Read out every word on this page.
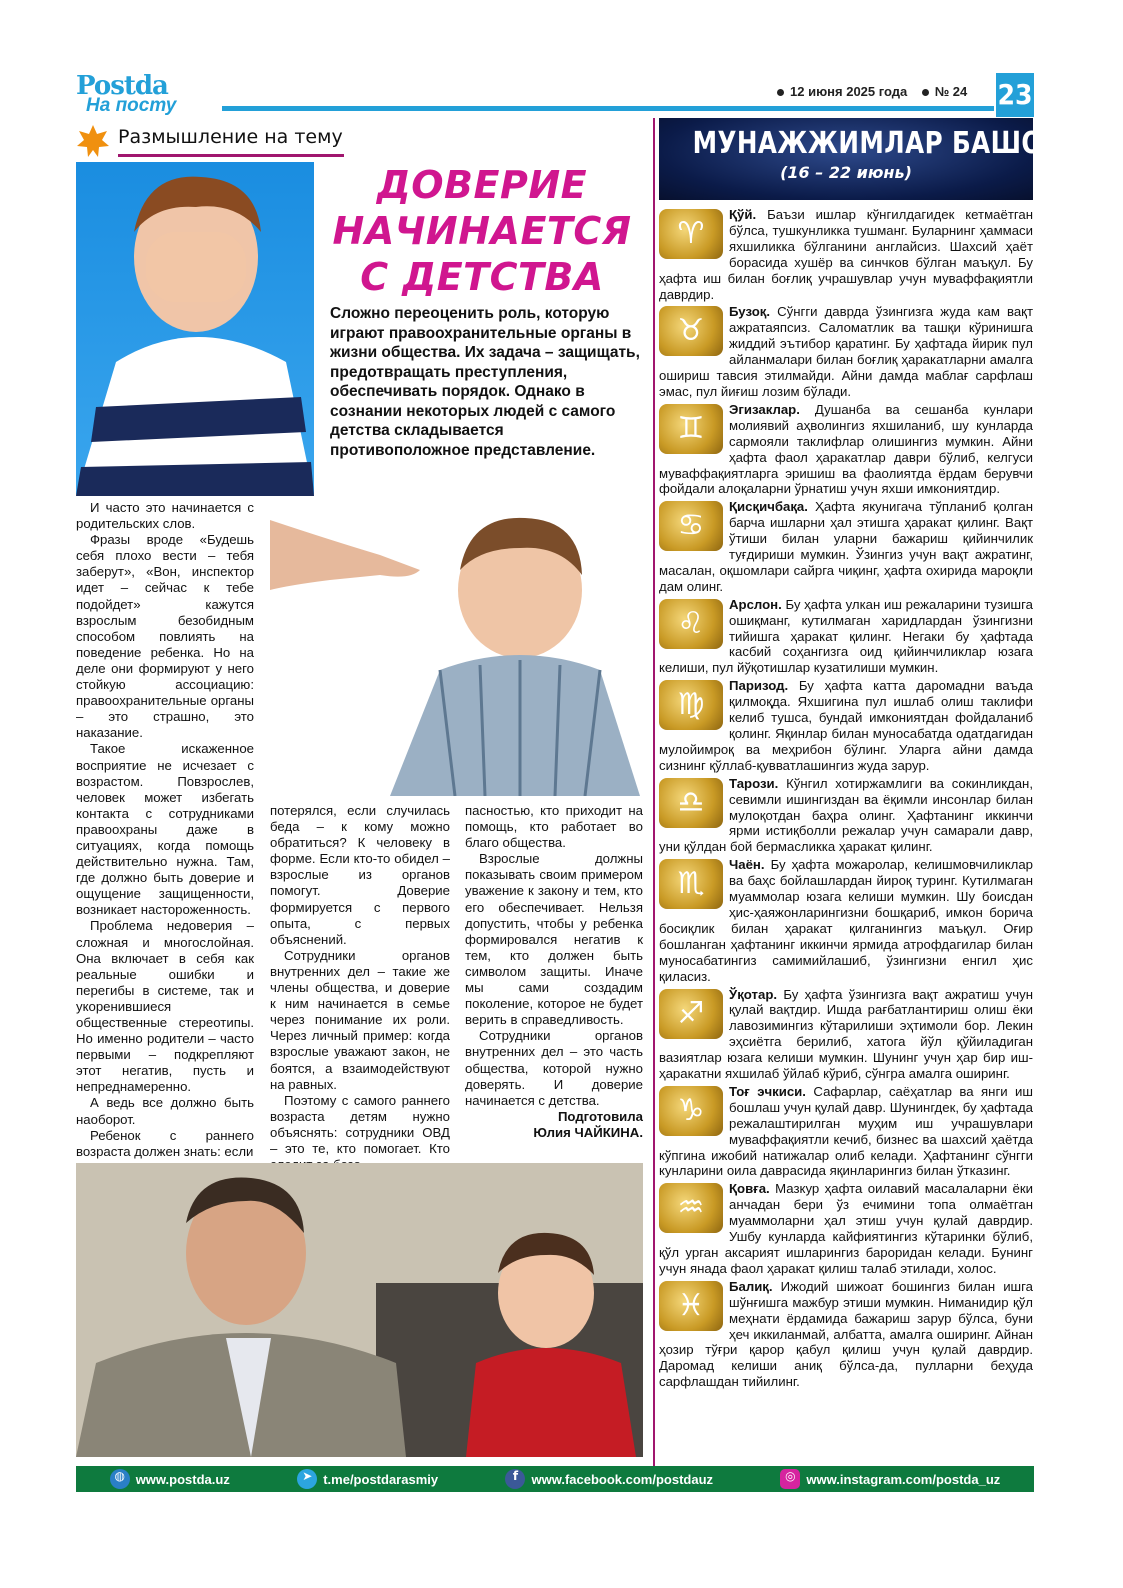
Postda
На посту
12 июня 2025 года № 24 23
Размышление на тему
ДОВЕРИЕ
НАЧИНАЕТСЯ
С ДЕТСТВА
Сложно переоценить роль, которую играют правоохранительные органы в жизни общества. Их задача – защищать, предотвращать преступления, обеспечивать порядок. Однако в сознании некоторых людей с самого детства складывается противоположное представление.

И часто это начинается с родительских слов.

Фразы вроде «Будешь себя плохо вести – тебя заберут», «Вон, инспектор идет – сейчас к тебе подойдет» кажутся взрослым безобидным способом повлиять на поведение ребенка. Но на деле они формируют у него стойкую ассоциацию: правоохранительные органы – это страшно, это наказание.

Такое искаженное восприятие не исчезает с возрастом. Повзрослев, человек может избегать контакта с сотрудниками правоохраны даже в ситуациях, когда помощь действительно нужна. Там, где должно быть доверие и ощущение защищенности, возникает настороженность.

Проблема недоверия – сложная и многослойная. Она включает в себя как реальные ошибки и перегибы в системе, так и укоренившиеся общественные стереотипы. Но именно родители – часто первыми – подкрепляют этот негатив, пусть и непреднамеренно.

А ведь все должно быть наоборот.

Ребенок с раннего возраста должен знать: если

потерялся, если случилась беда – к кому можно обратиться? К человеку в форме. Если кто-то обидел – взрослые из органов помогут. Доверие формируется с первого опыта, с первых объяснений.

Сотрудники органов внутренних дел – такие же члены общества, и доверие к ним начинается в семье через понимание их роли. Через личный пример: когда взрослые уважают закон, не боятся, а взаимодействуют на равных.

Поэтому с самого раннего возраста детям нужно объяснять: сотрудники ОВД – это те, кто помогает. Кто

пасностью, кто приходит на помощь, кто работает во благо общества.

Взрослые должны показывать своим примером уважение к закону и тем, кто его обеспечивает. Нельзя допустить, чтобы у ребенка формировался негатив к тем, кто должен быть символом защиты. Иначе мы сами создадим поколение, которое не будет верить в справедливость.

Сотрудники органов внутренних дел – это часть общества, которой нужно доверять. И доверие начинается с детства.

Подготовила

Юлия ЧАЙКИНА.

МУНАЖЖИМЛАР БАШОРАТИ
(16 – 22 июнь)
♈
Қўй. Баъзи ишлар кўнгилдагидек кетмаётган бўлса, тушкунликка тушманг. Буларнинг ҳаммаси яхшиликка бўлганини англайсиз. Шахсий ҳаёт борасида хушёр ва синчков бўлган маъқул. Бу ҳафта иш билан боғлиқ учрашувлар учун муваффақиятли даврдир.
♉
Бузоқ. Сўнгги даврда ўзингизга жуда кам вақт ажратаяпсиз. Саломатлик ва ташқи кўринишга жиддий эътибор қаратинг. Бу ҳафтада йирик пул айланмалари билан боғлиқ ҳаракатларни амалга ошириш тавсия этилмайди. Айни дамда маблағ сарфлаш эмас, пул йиғиш лозим бўлади.
♊
Эгизаклар. Душанба ва сешанба кунлари молиявий аҳволингиз яхшиланиб, шу кунларда сармояли таклифлар олишингиз мумкин. Айни ҳафта фаол ҳаракатлар даври бўлиб, келгуси муваффақиятларга эришиш ва фаолиятда ёрдам берувчи фойдали алоқаларни ўрнатиш учун яхши имкониятдир.
♋
Қисқичбақа. Ҳафта якунигача тўпланиб қолган барча ишларни ҳал этишга ҳаракат қилинг. Вақт ўтиши билан уларни бажариш қийинчилик туғдириши мумкин. Ўзингиз учун вақт ажратинг, масалан, оқшомлари сайрга чиқинг, ҳафта охирида мароқли дам олинг.
♌
Арслон. Бу ҳафта улкан иш режаларини тузишга ошиқманг, кутилмаган харидлардан ўзингизни тийишга ҳаракат қилинг. Негаки бу ҳафтада касбий соҳангизга оид қийинчиликлар юзага келиши, пул йўқотишлар кузатилиши мумкин.
♍
Паризод. Бу ҳафта катта даромадни ваъда қилмоқда. Яхшигина пул ишлаб олиш таклифи келиб тушса, бундай имкониятдан фойдаланиб қолинг. Яқинлар билан муносабатда одатдагидан мулойимроқ ва меҳрибон бўлинг. Уларга айни дамда сизнинг қўллаб-қувватлашингиз жуда зарур.
♎
Тарози. Кўнгил хотиржамлиги ва сокинликдан, севимли ишингиздан ва ёқимли инсонлар билан мулоқотдан баҳра олинг. Ҳафтанинг иккинчи ярми истиқболли режалар учун самарали давр, уни қўлдан бой бермасликка ҳаракат қилинг.
♏
Чаён. Бу ҳафта можаролар, келишмовчиликлар ва баҳс бойлашлардан йироқ туринг. Кутилмаган муаммолар юзага келиши мумкин. Шу боисдан ҳис-ҳаяжонларингизни бошқариб, имкон борича босиқлик билан ҳаракат қилганингиз маъқул. Оғир бошланган ҳафтанинг иккинчи ярмида атрофдагилар билан муносабатингиз самимийлашиб, ўзингизни енгил ҳис қиласиз.
♐
Ўқотар. Бу ҳафта ўзингизга вақт ажратиш учун қулай вақтдир. Ишда рағбатлантириш олиш ёки лавозимингиз кўтарилиши эҳтимоли бор. Лекин эҳсиётга берилиб, хатога йўл қўйиладиган вазиятлар юзага келиши мумкин. Шунинг учун ҳар бир иш-ҳаракатни яхшилаб ўйлаб кўриб, сўнгра амалга оширинг.
♑
Тоғ эчкиси. Сафарлар, саёҳатлар ва янги иш бошлаш учун қулай давр. Шунингдек, бу ҳафтада режалаштирилган муҳим иш учрашувлари муваффақиятли кечиб, бизнес ва шахсий ҳаётда кўпгина ижобий натижалар олиб келади. Ҳафтанинг сўнгги кунларини оила даврасида яқинларингиз билан ўтказинг.
♒
Қовға. Мазкур ҳафта оилавий масалаларни ёки анчадан бери ўз ечимини топа олмаётган муаммоларни ҳал этиш учун қулай даврдир. Ушбу кунларда кайфиятингиз кўтаринки бўлиб, қўл урган аксарият ишларингиз бароридан келади. Бунинг учун янада фаол ҳаракат қилиш талаб этилади, холос.
♓
Балиқ. Ижодий шижоат бошингиз билан ишга шўнғишга мажбур этиши мумкин. Ниманидир қўл меҳнати ёрдамида бажариш зарур бўлса, буни ҳеч иккиланмай, албатта, амалга оширинг. Айнан ҳозир тўғри қарор қабул қилиш учун қулай даврдир. Даромад келиши аниқ бўлса-да, пулларни беҳуда сарфлашдан тийилинг.
◍ www.postda.uz	➤ t.me/postdarasmiy	f	www.facebook.com/postdauz	◎ www.instagram.com/postda_uz
